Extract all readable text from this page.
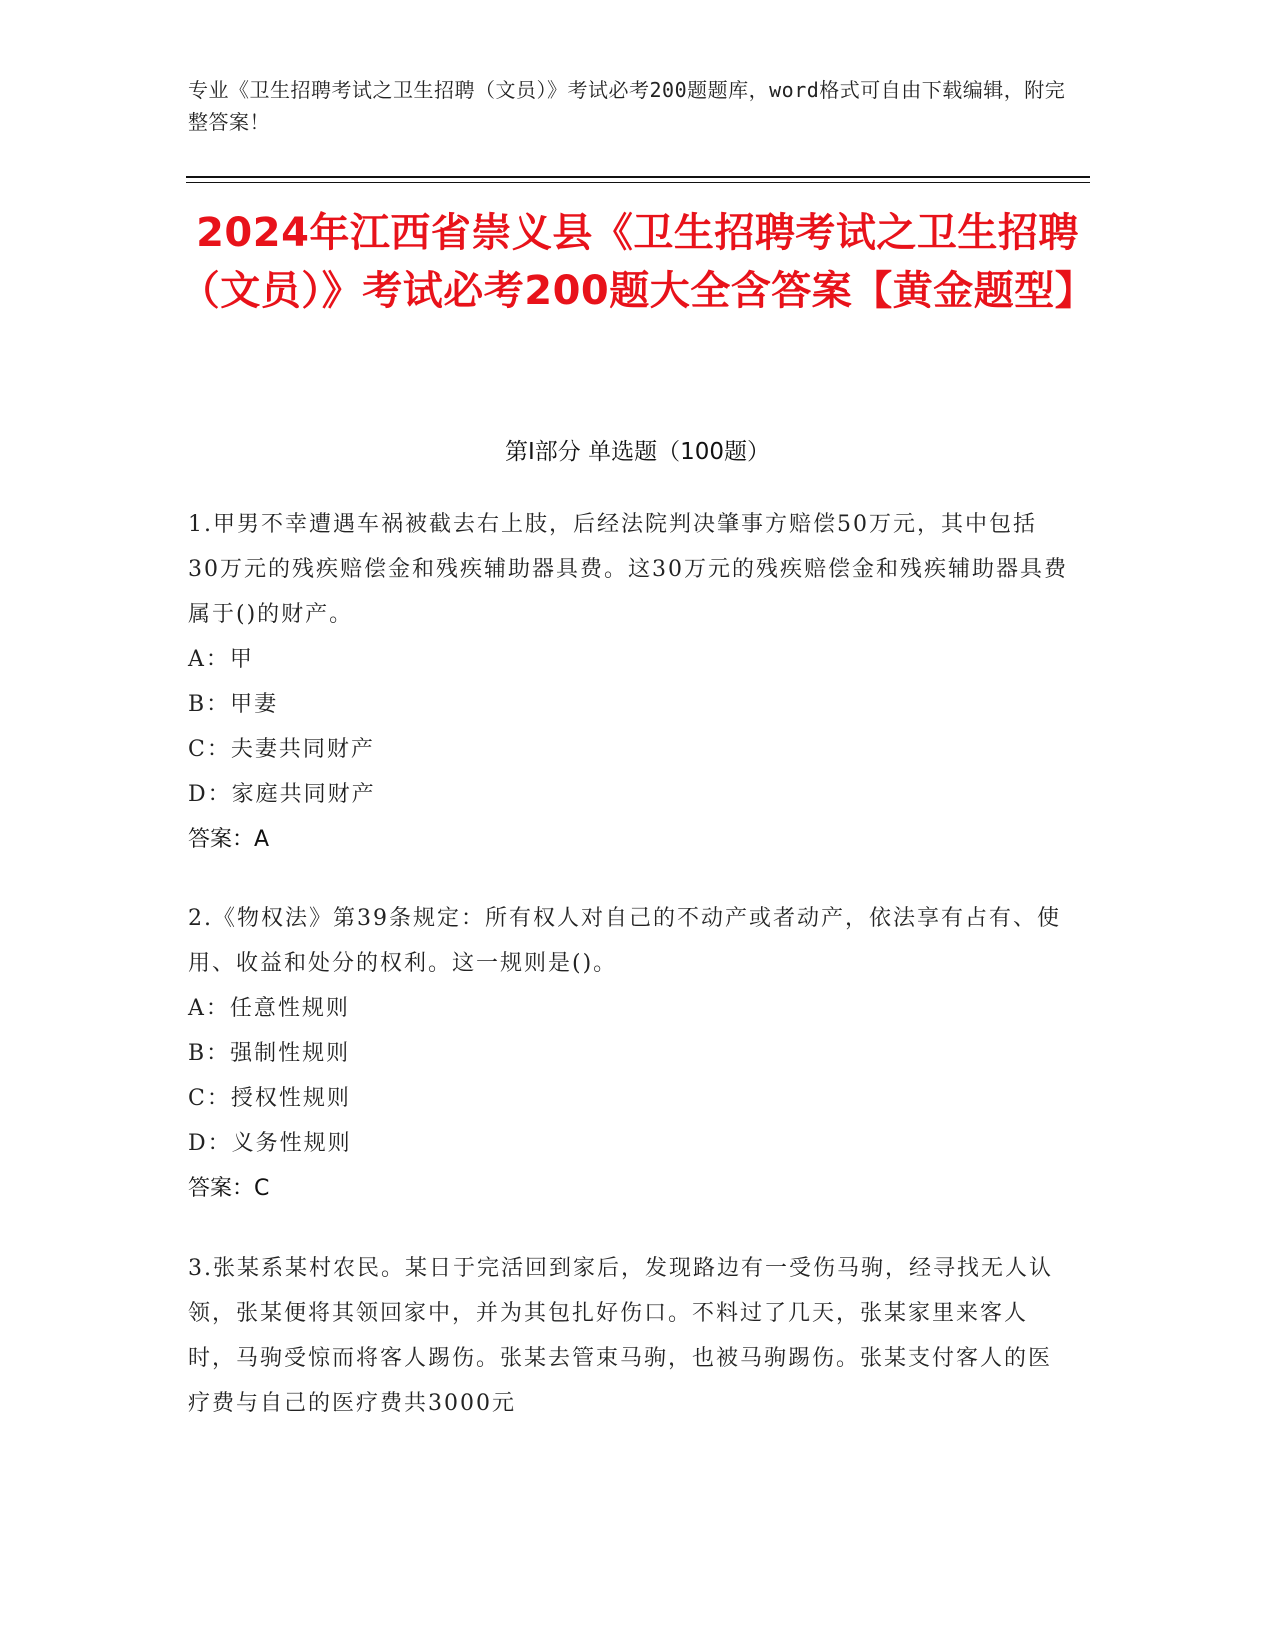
专业《卫生招聘考试之卫生招聘（文员）》考试必考200题题库，word格式可自由下载编辑，附完整答案！
2024年江西省崇义县《卫生招聘考试之卫生招聘（文员）》考试必考200题大全含答案【黄金题型】
第Ⅰ部分 单选题（100题）
1.甲男不幸遭遇车祸被截去右上肢，后经法院判决肇事方赔偿50万元，其中包括30万元的残疾赔偿金和残疾辅助器具费。这30万元的残疾赔偿金和残疾辅助器具费属于()的财产。
A：甲
B：甲妻
C：夫妻共同财产
D：家庭共同财产
答案：A
2.《物权法》第39条规定：所有权人对自己的不动产或者动产，依法享有占有、使用、收益和处分的权利。这一规则是()。
A：任意性规则
B：强制性规则
C：授权性规则
D：义务性规则
答案：C
3.张某系某村农民。某日于完活回到家后，发现路边有一受伤马驹，经寻找无人认领，张某便将其领回家中，并为其包扎好伤口。不料过了几天，张某家里来客人时，马驹受惊而将客人踢伤。张某去管束马驹，也被马驹踢伤。张某支付客人的医疗费与自己的医疗费共3000元
